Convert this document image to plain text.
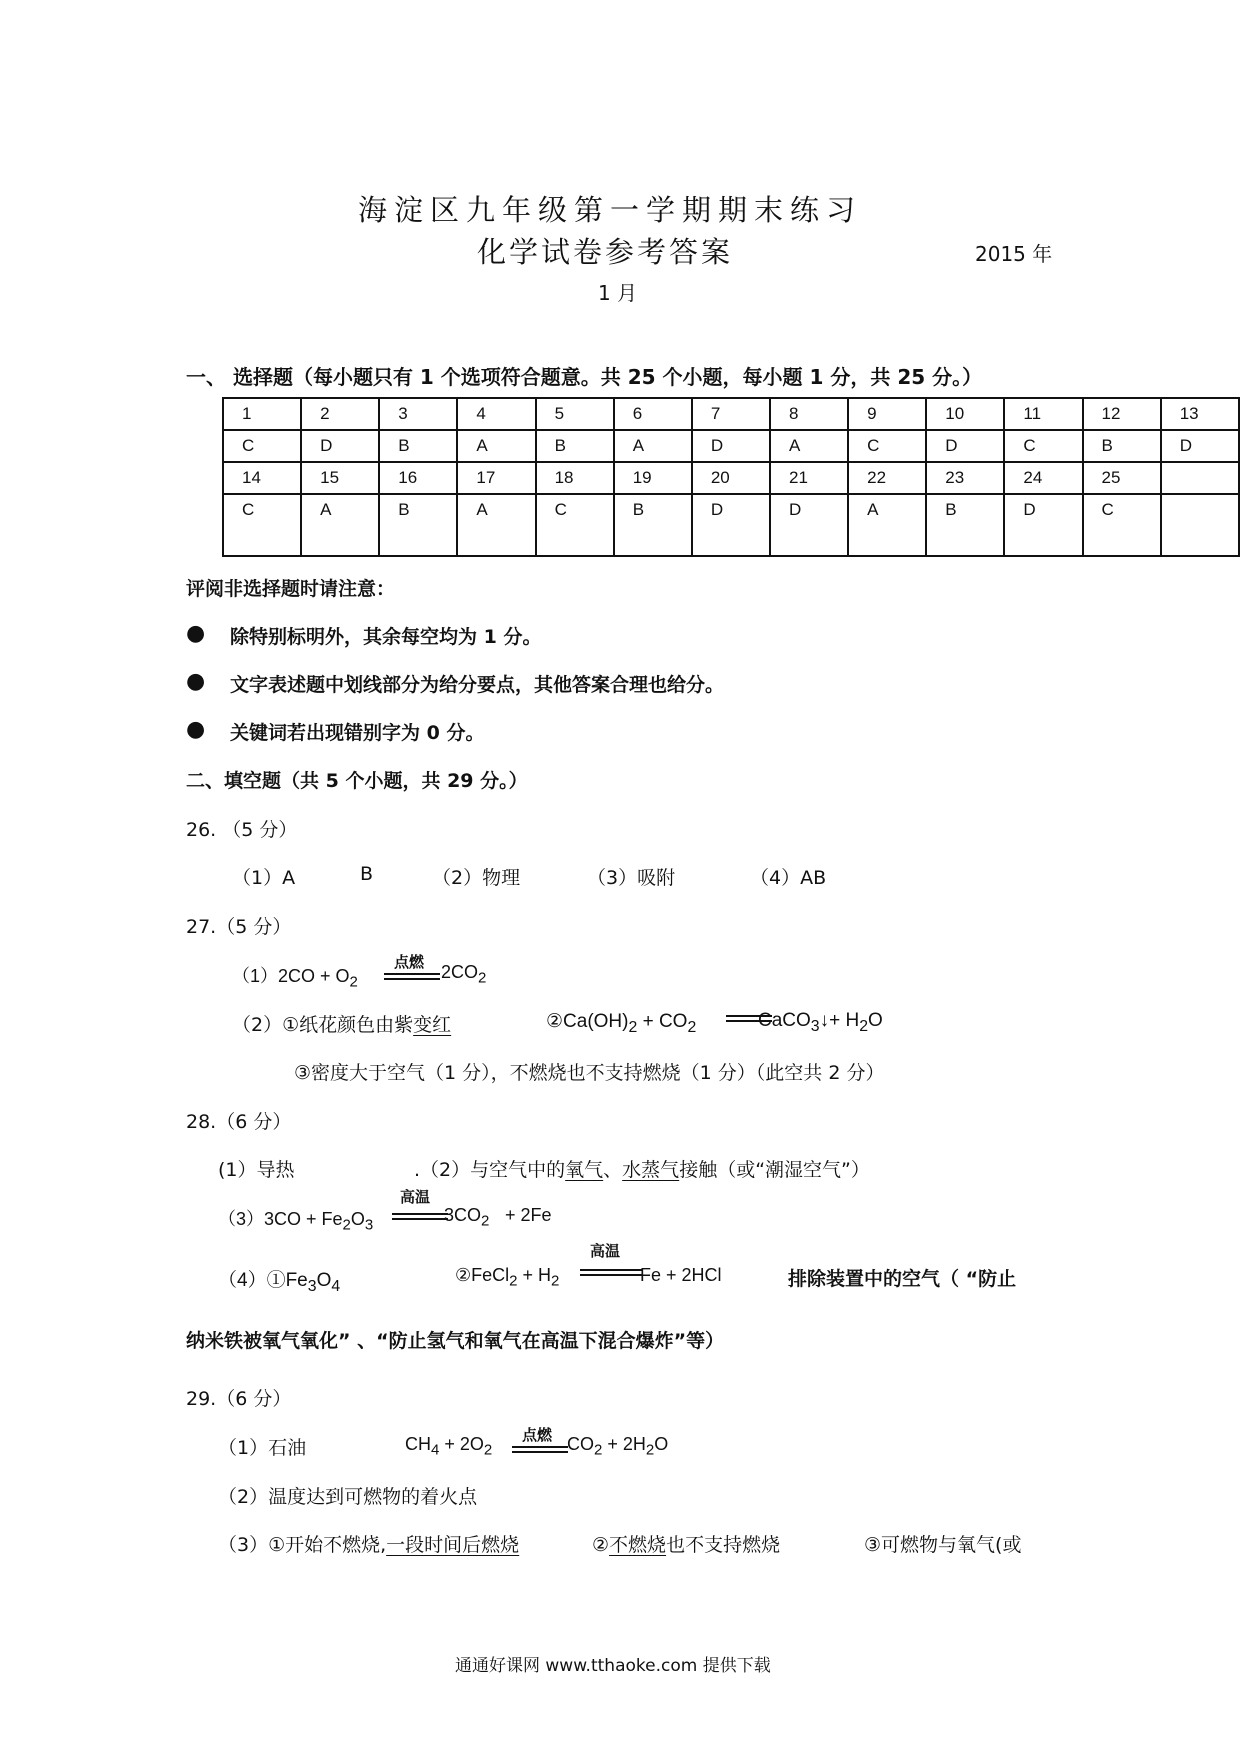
海淀区九年级第一学期期末练习
化学试卷参考答案	2015 年
1 月
一、 选择题（每小题只有 1 个选项符合题意。共 25 个小题，每小题 1 分，共 25 分。）
1	2	3	4	5	6	7	8	9	10	11	12	13
C	D	B	A	B	A	D	A	C	D	C	B	D
14	15	16	17	18	19	20	21	22	23	24	25	
C	A	B	A	C	B	D	D	A	B	D	C	
评阅非选择题时请注意：
● 除特别标明外，其余每空均为 1 分。
● 文字表述题中划线部分为给分要点，其他答案合理也给分。
● 关键词若出现错别字为 0 分。
二、填空题（共 5 个小题，共 29 分。）
26. （5 分）
（1）A	B	（2）物理	（3）吸附	（4）AB
27.（5 分）
$(1)2CO + O_2$
点燃 $2CO_2$
（2）①纸花颜色由紫变红	$②Ca(OH)_2 + CO_2$	CaCO$_3$↓+ $H_2O$
③密度大于空气（1 分），不燃烧也不支持燃烧（1 分）（此空共 2 分）
28.（6 分）
(1）导热	.（2）与空气中的氧气、水蒸气接触（或“潮湿空气”）
$(3)3CO + Fe_2O_3$
高温
$3CO_2 + 2Fe$
$(4)①Fe_3O_4$
②FeCl$_2$ + $H_2$
高温
Fe + 2HCl	排除装置中的空气（ “防止
纳米铁被氧气氧化” 、“防止氢气和氧气在高温下混合爆炸”等）
29.（6 分）
（1）石油	$CH_4 + 2O_2$
点燃 $CO_2 + 2H_2O$
（2）温度达到可燃物的着火点
（3）①开始不燃烧,一段时间后燃烧	②不燃烧也不支持燃烧	③可燃物与氧气(或
通通好课网 www.tthaoke.com 提供下载
